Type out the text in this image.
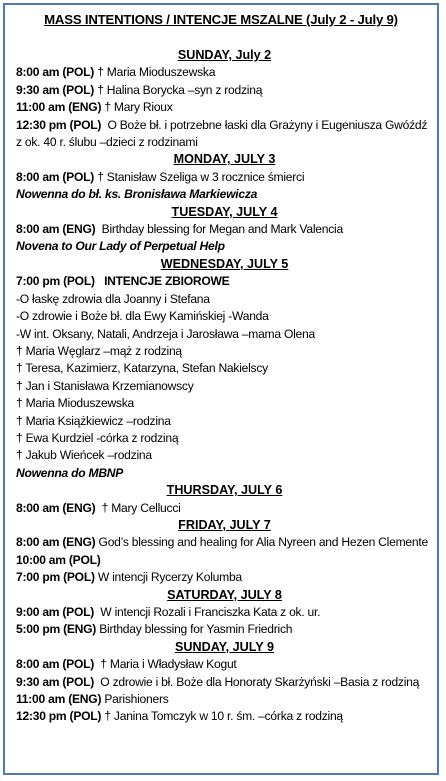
MASS INTENTIONS / INTENCJE MSZALNE (July 2 - July 9)
SUNDAY, July 2
8:00 am (POL) † Maria Mioduszewska
9:30 am (POL) † Halina Borycka –syn z rodziną
11:00 am (ENG) † Mary Rioux
12:30 pm (POL)  O Boże bł. i potrzebne łaski dla Grażyny i Eugeniusza Gwóźdź z ok. 40 r. ślubu –dzieci z rodzinami
MONDAY, JULY 3
8:00 am (POL) † Stanisław Szeliga w 3 rocznice śmierci
Nowenna do bł. ks. Bronisława Markiewicza
TUESDAY, JULY 4
8:00 am (ENG)  Birthday blessing for Megan and Mark Valencia
Novena to Our Lady of Perpetual Help
WEDNESDAY, JULY 5
7:00 pm (POL)   INTENCJE ZBIOROWE
-O łaskę zdrowia dla Joanny i Stefana
-O zdrowie i Boże bł. dla Ewy Kamińskiej -Wanda
-W int. Oksany, Natali, Andrzeja i Jarosława –mama Olena
† Maria Węglarz –mąż z rodziną
† Teresa, Kazimierz, Katarzyna, Stefan Nakielscy
† Jan i Stanisława Krzemianowscy
† Maria Mioduszewska
† Maria Książkiewicz –rodzina
† Ewa Kurdziel -córka z rodziną
† Jakub Wieńcek –rodzina
Nowenna do MBNP
THURSDAY, JULY 6
8:00 am (ENG)  † Mary Cellucci
FRIDAY, JULY 7
8:00 am (ENG) God’s blessing and healing for Alia Nyreen and Hezen Clemente
10:00 am (POL)
7:00 pm (POL) W intencji Rycerzy Kolumba
SATURDAY, JULY 8
9:00 am (POL)  W intencji Rozali i Franciszka Kata z ok. ur.
5:00 pm (ENG) Birthday blessing for Yasmin Friedrich
SUNDAY, JULY 9
8:00 am (POL)  † Maria i Władysław Kogut
9:30 am (POL)  O zdrowie i bł. Boże dla Honoraty Skarżyński –Basia z rodziną
11:00 am (ENG) Parishioners
12:30 pm (POL) † Janina Tomczyk w 10 r. śm. –córka z rodziną
